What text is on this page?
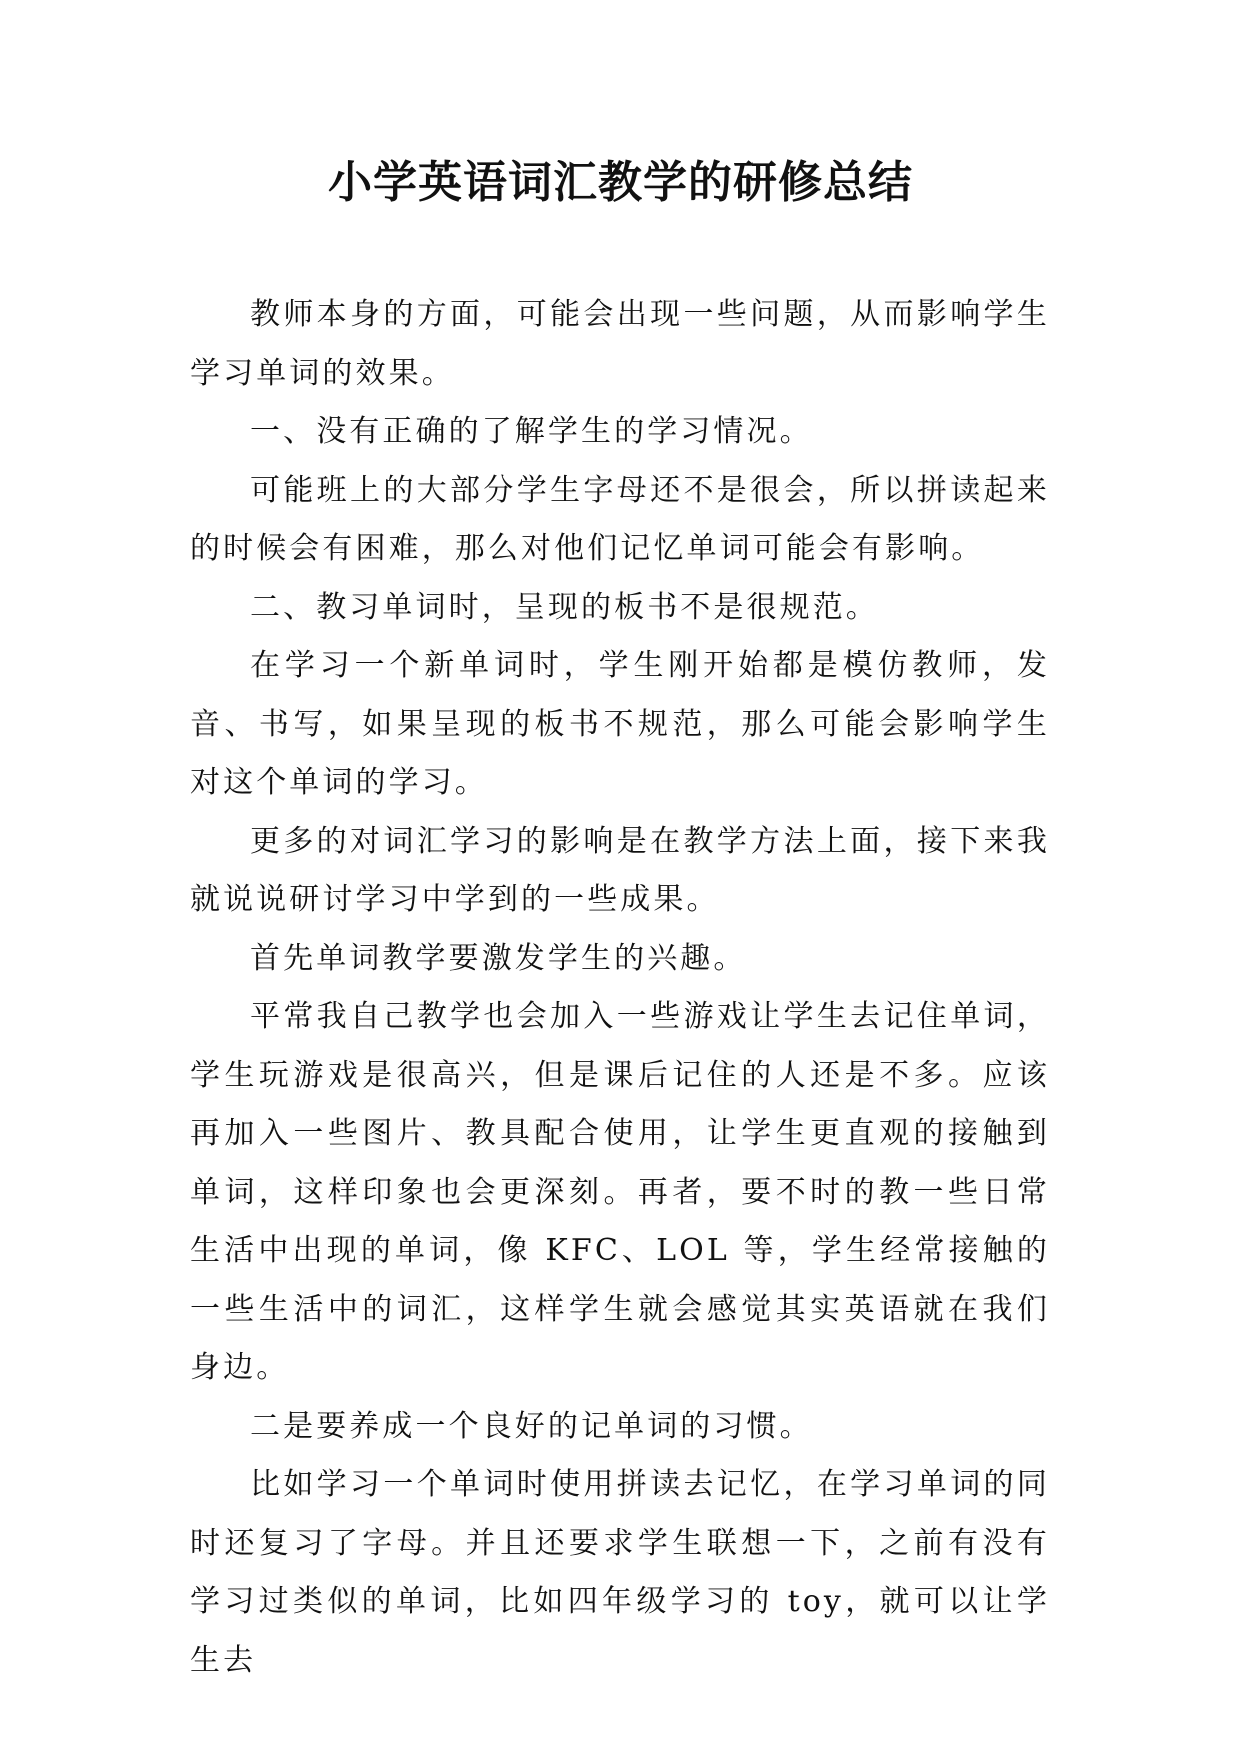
小学英语词汇教学的研修总结

教师本身的方面，可能会出现一些问题，从而影响学生学习单词的效果。

一、没有正确的了解学生的学习情况。

可能班上的大部分学生字母还不是很会，所以拼读起来的时候会有困难，那么对他们记忆单词可能会有影响。

二、教习单词时，呈现的板书不是很规范。

在学习一个新单词时，学生刚开始都是模仿教师，发音、书写，如果呈现的板书不规范，那么可能会影响学生对这个单词的学习。

更多的对词汇学习的影响是在教学方法上面，接下来我就说说研讨学习中学到的一些成果。

首先单词教学要激发学生的兴趣。

平常我自己教学也会加入一些游戏让学生去记住单词，学生玩游戏是很高兴，但是课后记住的人还是不多。应该再加入一些图片、教具配合使用，让学生更直观的接触到单词，这样印象也会更深刻。再者，要不时的教一些日常生活中出现的单词，像 KFC、LOL 等，学生经常接触的一些生活中的词汇，这样学生就会感觉其实英语就在我们身边。

二是要养成一个良好的记单词的习惯。

比如学习一个单词时使用拼读去记忆，在学习单词的同时还复习了字母。并且还要求学生联想一下，之前有没有学习过类似的单词，比如四年级学习的 toy，就可以让学生去
